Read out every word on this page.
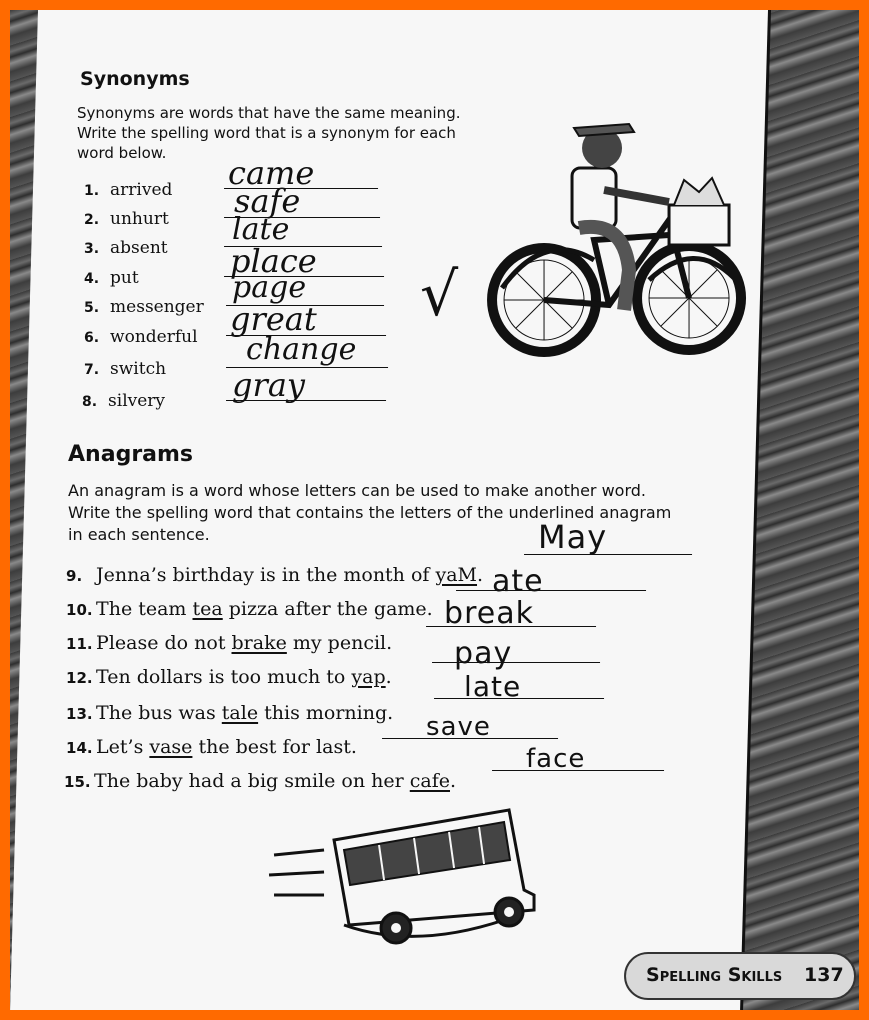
Synonyms
Synonyms are words that have the same meaning.
Write the spelling word that is a synonym for each
word below.
1. arrived came
2. unhurt safe
3. absent
late
4. put	place
5. messenger
page
6. wonderful great
7. switch
change
8. silvery gray
√
Anagrams
An anagram is a word whose letters can be used to make another word.
Write the spelling word that contains the letters of the underlined anagram
in each sentence.
9. Jenna’s birthday is in the month of yaM.
May
10. The team tea pizza after the game.
ate
11. Please do not brake my pencil.
break
12. Ten dollars is too much to yap.
pay
13. The bus was tale this morning.
late
14. Let’s vase the best for last.
save
15. The baby had a big smile on her cafe.
face
Spelling Skills 137
